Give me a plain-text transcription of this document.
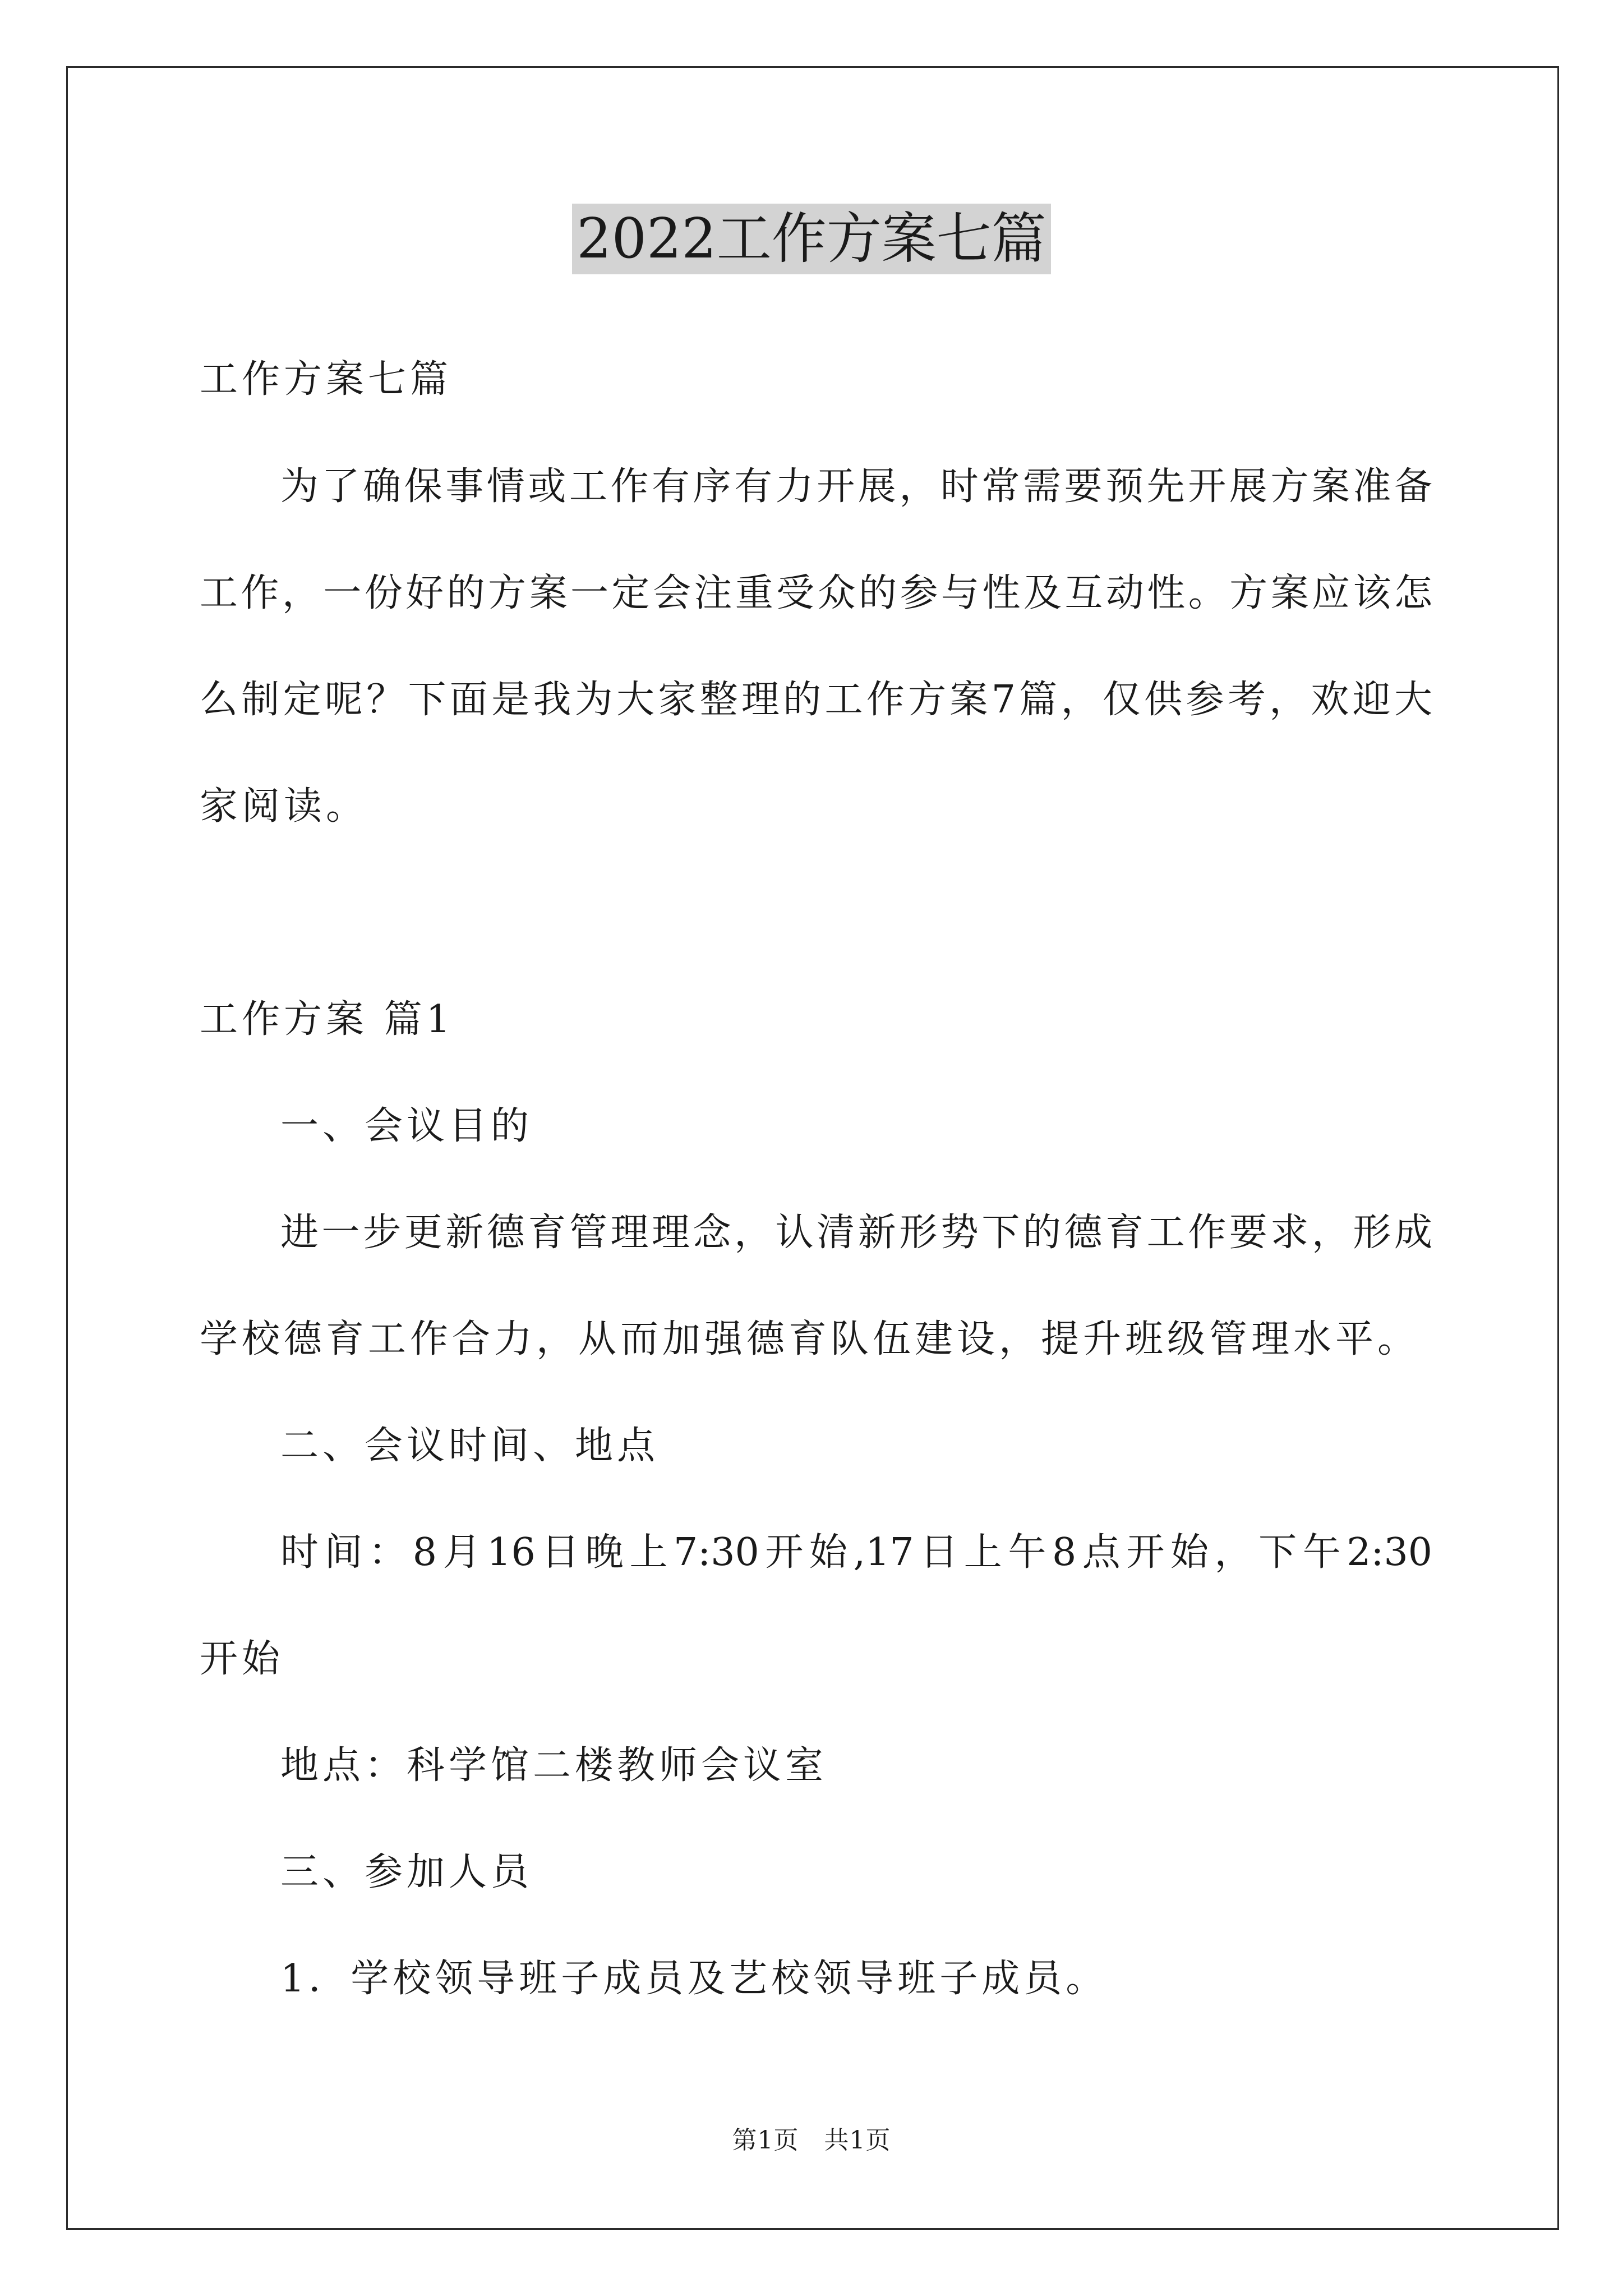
2022工作方案七篇
工作方案七篇
为了确保事情或工作有序有力开展，时常需要预先开展方案准备
工作，一份好的方案一定会注重受众的参与性及互动性。方案应该怎
么制定呢？下面是我为大家整理的工作方案7篇，仅供参考，欢迎大
家阅读。
工作方案 篇1
一、会议目的
进一步更新德育管理理念，认清新形势下的德育工作要求，形成
学校德育工作合力，从而加强德育队伍建设，提升班级管理水平。
二、会议时间、地点
时间：8月16日晚上7:30开始,17日上午8点开始，下午2:30
开始
地点：科学馆二楼教师会议室
三、参加人员
1．学校领导班子成员及艺校领导班子成员。
第1页　共1页
